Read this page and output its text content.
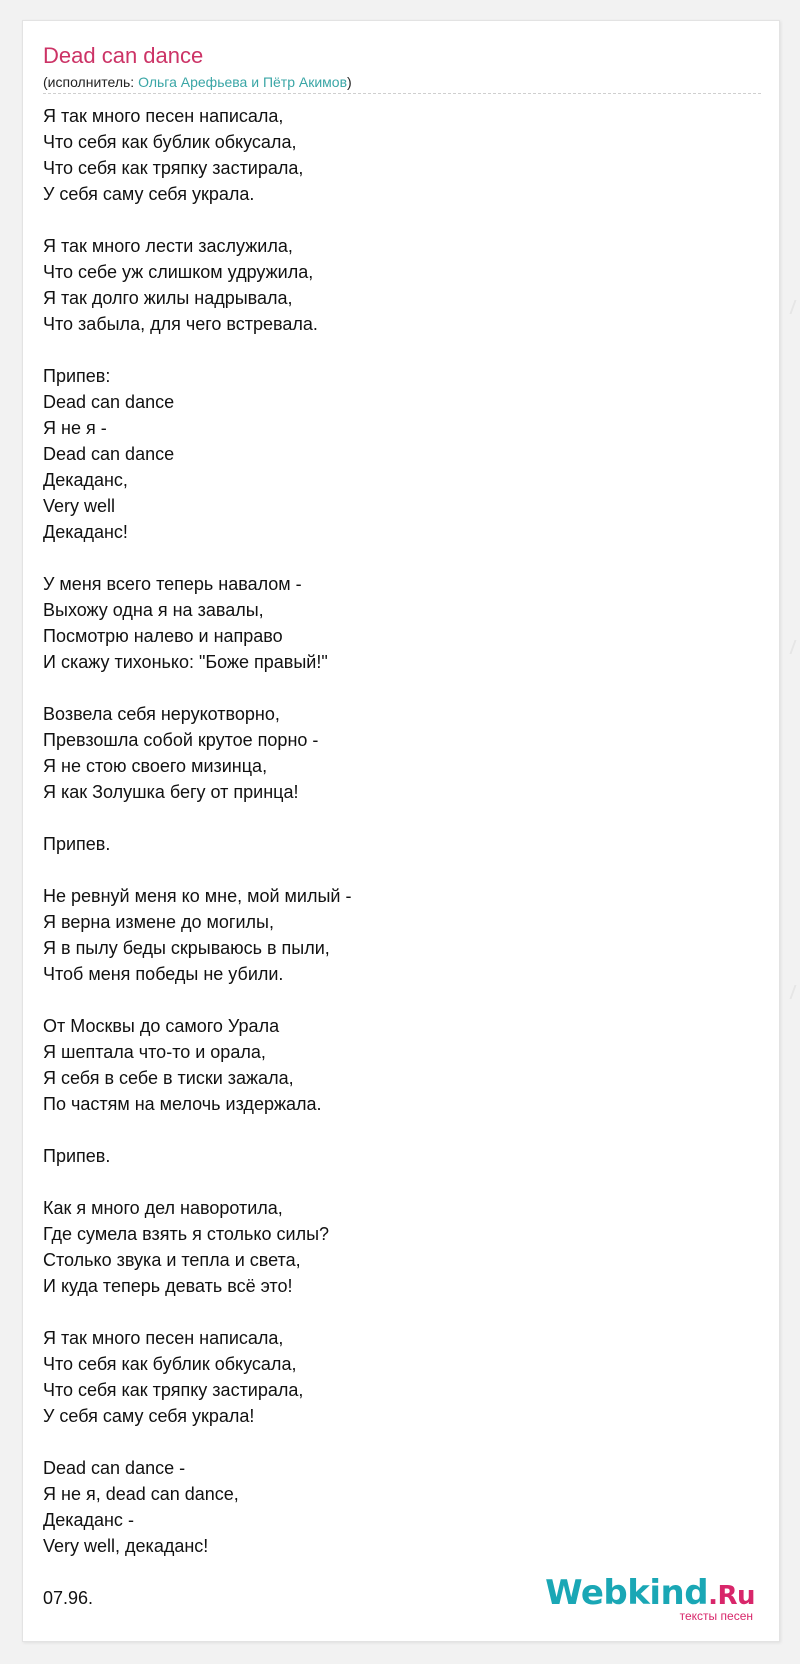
Dead can dance
(исполнитель: Ольга Арефьева и Пётр Акимов)
Я так много песен написала,
Что себя как бублик обкусала,
Что себя как тряпку застирала,
У себя саму себя украла.
Я так много лести заслужила,
Что себе уж слишком удружила,
Я так долго жилы надрывала,
Что забыла, для чего встревала.
Припев:
Dead can dance
Я не я -
Dead can dance
Декаданс,
Very well
Декаданс!
У меня всего теперь навалом -
Выхожу одна я на завалы,
Посмотрю налево и направо
И скажу тихонько: "Боже правый!"
Возвела себя нерукотворно,
Превзошла собой крутое порно -
Я не стою своего мизинца,
Я как Золушка бегу от принца!
Припев.
Не ревнуй меня ко мне, мой милый -
Я верна измене до могилы,
Я в пылу беды скрываюсь в пыли,
Чтоб меня победы не убили.
От Москвы до самого Урала
Я шептала что-то и орала,
Я себя в себе в тиски зажала,
По частям на мелочь издержала.
Припев.
Как я много дел наворотила,
Где сумела взять я столько силы?
Столько звука и тепла и света,
И куда теперь девать всё это!
Я так много песен написала,
Что себя как бублик обкусала,
Что себя как тряпку застирала,
У себя саму себя украла!
Dead can dance -
Я не я, dead can dance,
Декаданс -
Very well, декаданс!
07.96.	Webkind.Ru
тексты песен
